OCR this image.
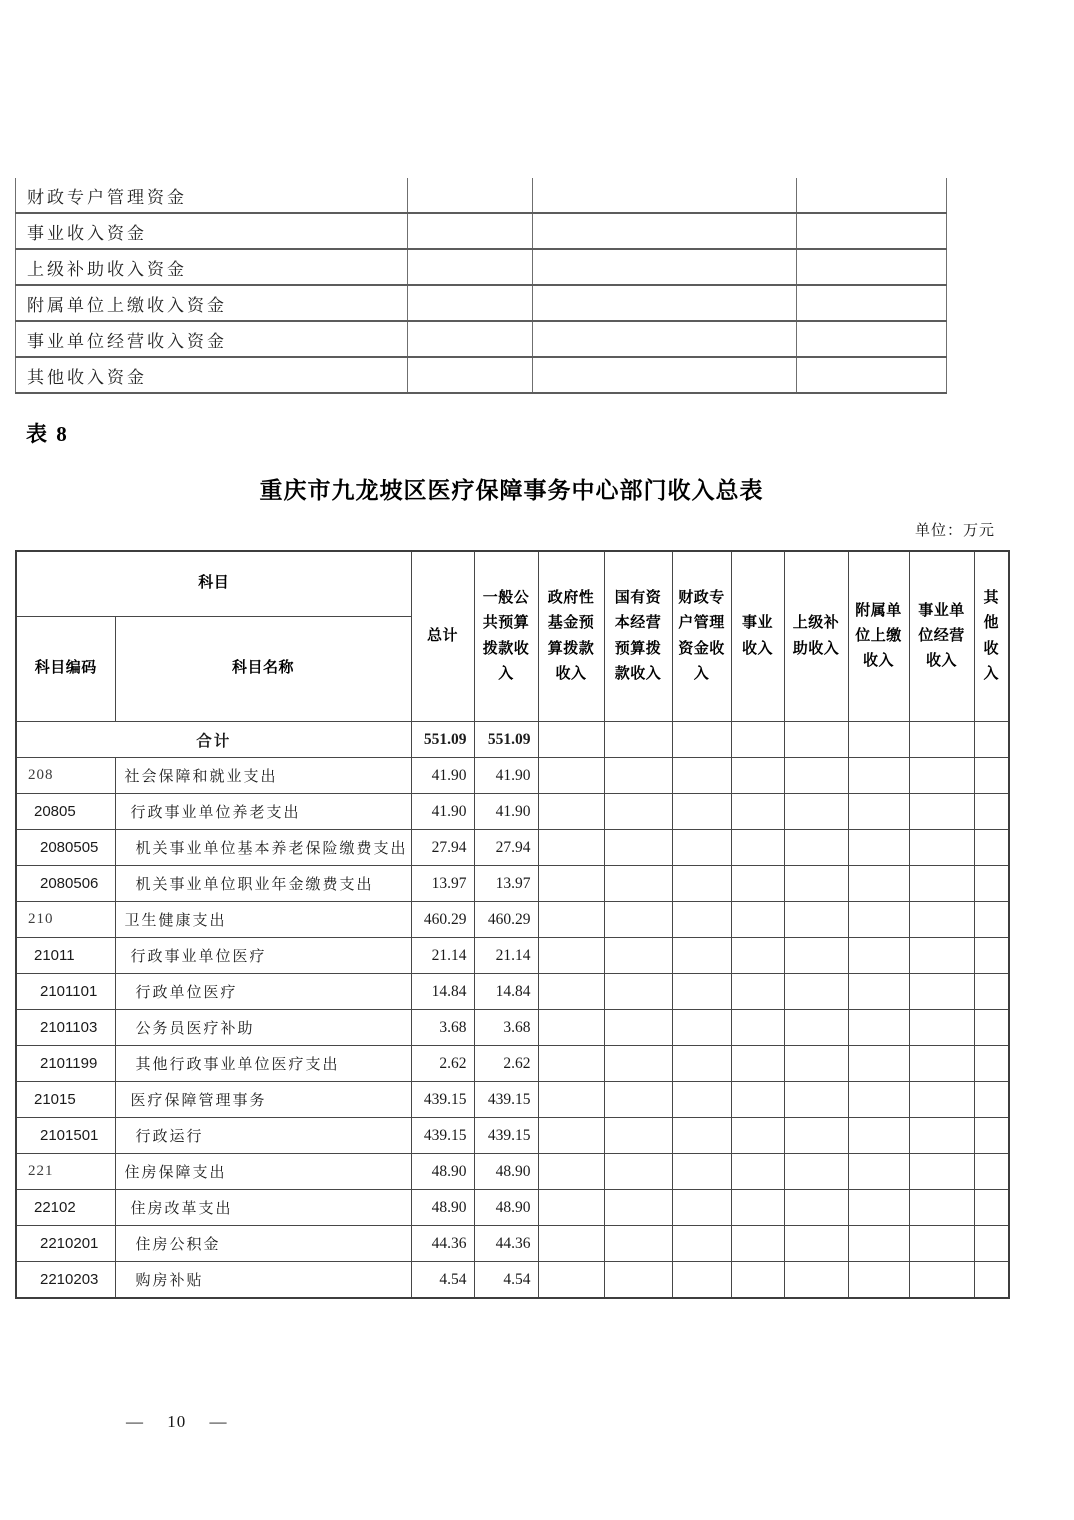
财政专户管理资金			
事业收入资金			
上级补助收入资金			
附属单位上缴收入资金			
事业单位经营收入资金			
其他收入资金			
表 8
重庆市九龙坡区医疗保障事务中心部门收入总表
单位：万元
科目		总计	一般公共预算拨款收入	政府性基金预算拨款收入	国有资本经营预算拨款收入	财政专户管理资金收入	事业收入	上级补助收入	附属单位上缴收入	事业单位经营收入	其他收入
科目编码	科目名称										
合计		551.09	551.09								
208	社会保障和就业支出	41.90	41.90								
20805	行政事业单位养老支出	41.90	41.90								
2080505	机关事业单位基本养老保险缴费支出	27.94	27.94								
2080506	机关事业单位职业年金缴费支出	13.97	13.97								
210	卫生健康支出	460.29	460.29								
21011	行政事业单位医疗	21.14	21.14								
2101101	行政单位医疗	14.84	14.84								
2101103	公务员医疗补助	3.68	3.68								
2101199	其他行政事业单位医疗支出	2.62	2.62								
21015	医疗保障管理事务	439.15	439.15								
2101501	行政运行	439.15	439.15								
221	住房保障支出	48.90	48.90								
22102	住房改革支出	48.90	48.90								
2210201	住房公积金	44.36	44.36								
2210203	购房补贴	4.54	4.54								
— 10 —
